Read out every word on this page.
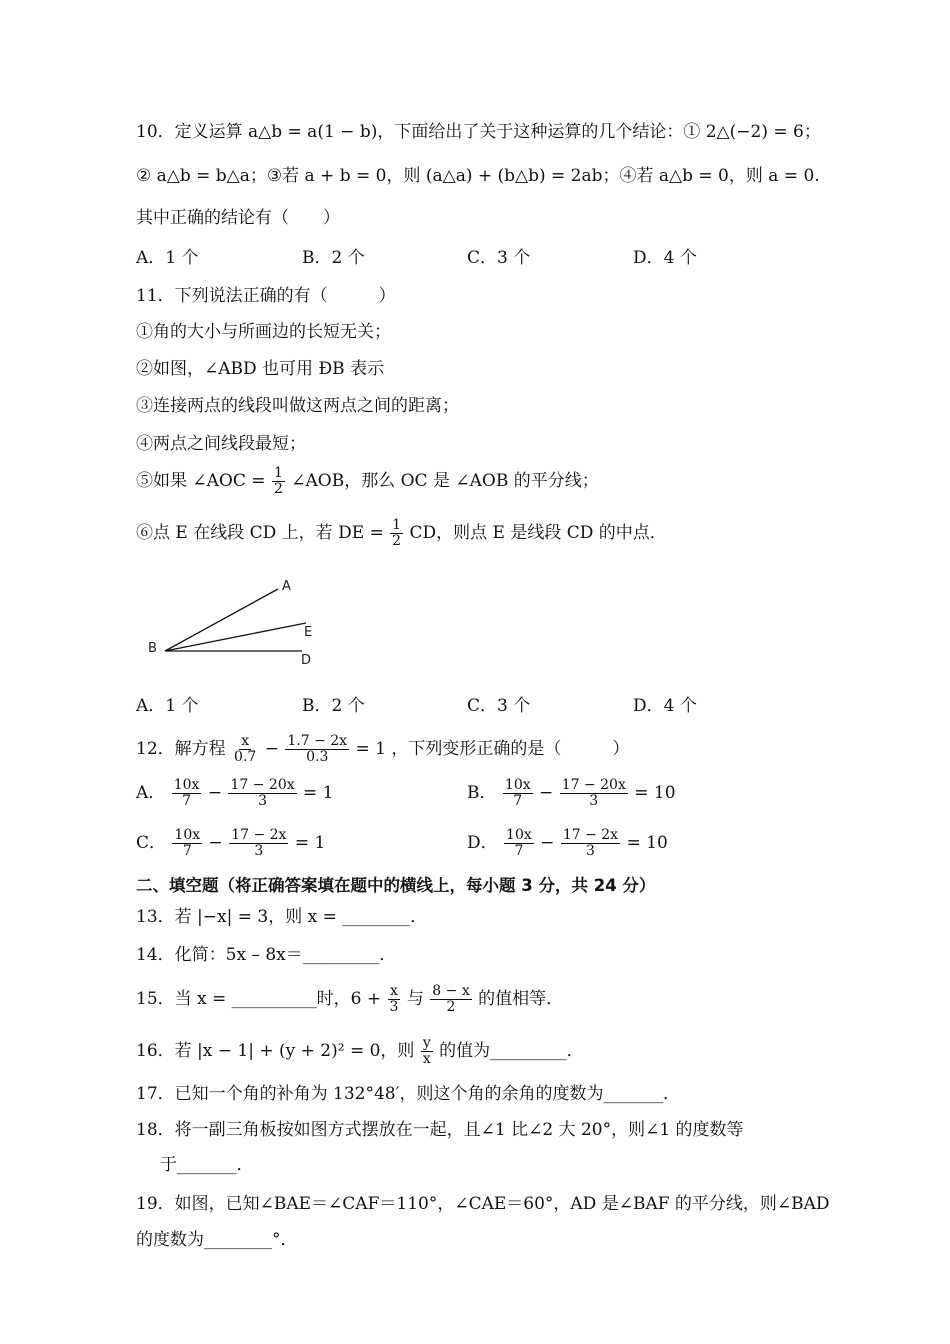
10．定义运算 a△b = a(1 − b)，下面给出了关于这种运算的几个结论：① 2△(−2) = 6；
② a△b = b△a；③若 a + b = 0，则 (a△a) + (b△b) = 2ab；④若 a△b = 0，则 a = 0.
其中正确的结论有（　　）
A．1 个	B．2 个	C．3 个	D．4 个
11．下列说法正确的有（　　　）
①角的大小与所画边的长短无关；
②如图，∠ABD 也可用 ÐB 表示
③连接两点的线段叫做这两点之间的距离；
④两点之间线段最短；
⑤如果 ∠AOC = $\frac{1}{2}$ ∠AOB，那么 OC 是 ∠AOB 的平分线；
⑥点 E 在线段 CD 上，若 DE = $\frac{1}{2}$ CD，则点 E 是线段 CD 的中点．
A
B
E
D
A．1 个	B．2 个	C．3 个	D．4 个
12．解方程 $\frac{x}{0.7} - \frac{1.7 - 2x}{0.3} = 1$ ，下列变形正确的是（　　　）
A． $\frac{10x}{7} - \frac{17 - 20x}{3} = 1$	B． $\frac{10x}{7} - \frac{17 - 20x}{3} = 10$
C． $\frac{10x}{7} - \frac{17 - 2x}{3} = 1$	D． $\frac{10x}{7} - \frac{17 - 2x}{3} = 10$
二、填空题（将正确答案填在题中的横线上，每小题 3 分，共 24 分）
13．若 |−x| = 3，则 x = ________．
14．化简：5x – 8x＝_________．
15．当 x = __________时，$6 + \frac{x}{3}$ 与 $\frac{8 - x}{2}$ 的值相等．
16．若 |x − 1| + (y + 2)² = 0，则 $\frac{y}{x}$ 的值为_________．
17．已知一个角的补角为 132°48′，则这个角的余角的度数为_______．
18．将一副三角板按如图方式摆放在一起，且∠1 比∠2 大 20°，则∠1 的度数等
于_______．
19．如图，已知∠BAE＝∠CAF＝110°，∠CAE＝60°，AD 是∠BAF 的平分线，则∠BAD
的度数为________°．
